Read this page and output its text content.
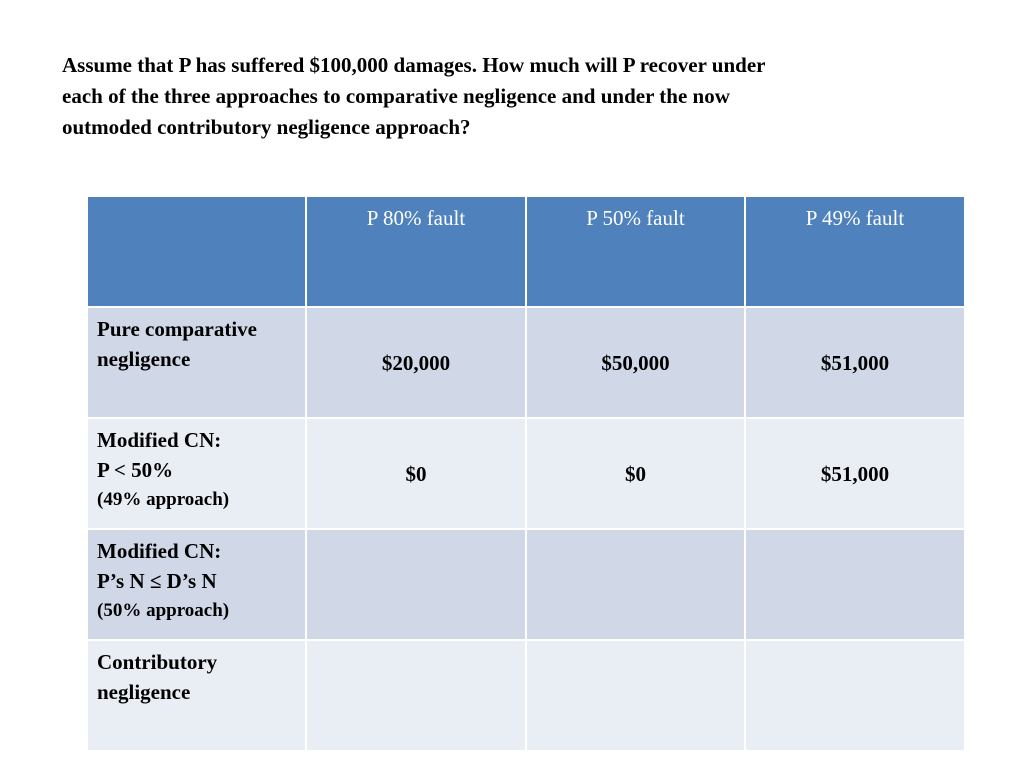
Assume that P has suffered $100,000 damages. How much will P recover under
each of the three approaches to comparative negligence and under the now
outmoded contributory negligence approach?

	P 80% fault	P 50% fault	P 49% fault

Pure comparative
negligence	$20,000	$50,000	$51,000

Modified CN:
P < 50%
(49% approach)	$0	$0	$51,000

Modified CN:
P’s N ≤ D’s N
(50% approach)			

Contributory
negligence			
